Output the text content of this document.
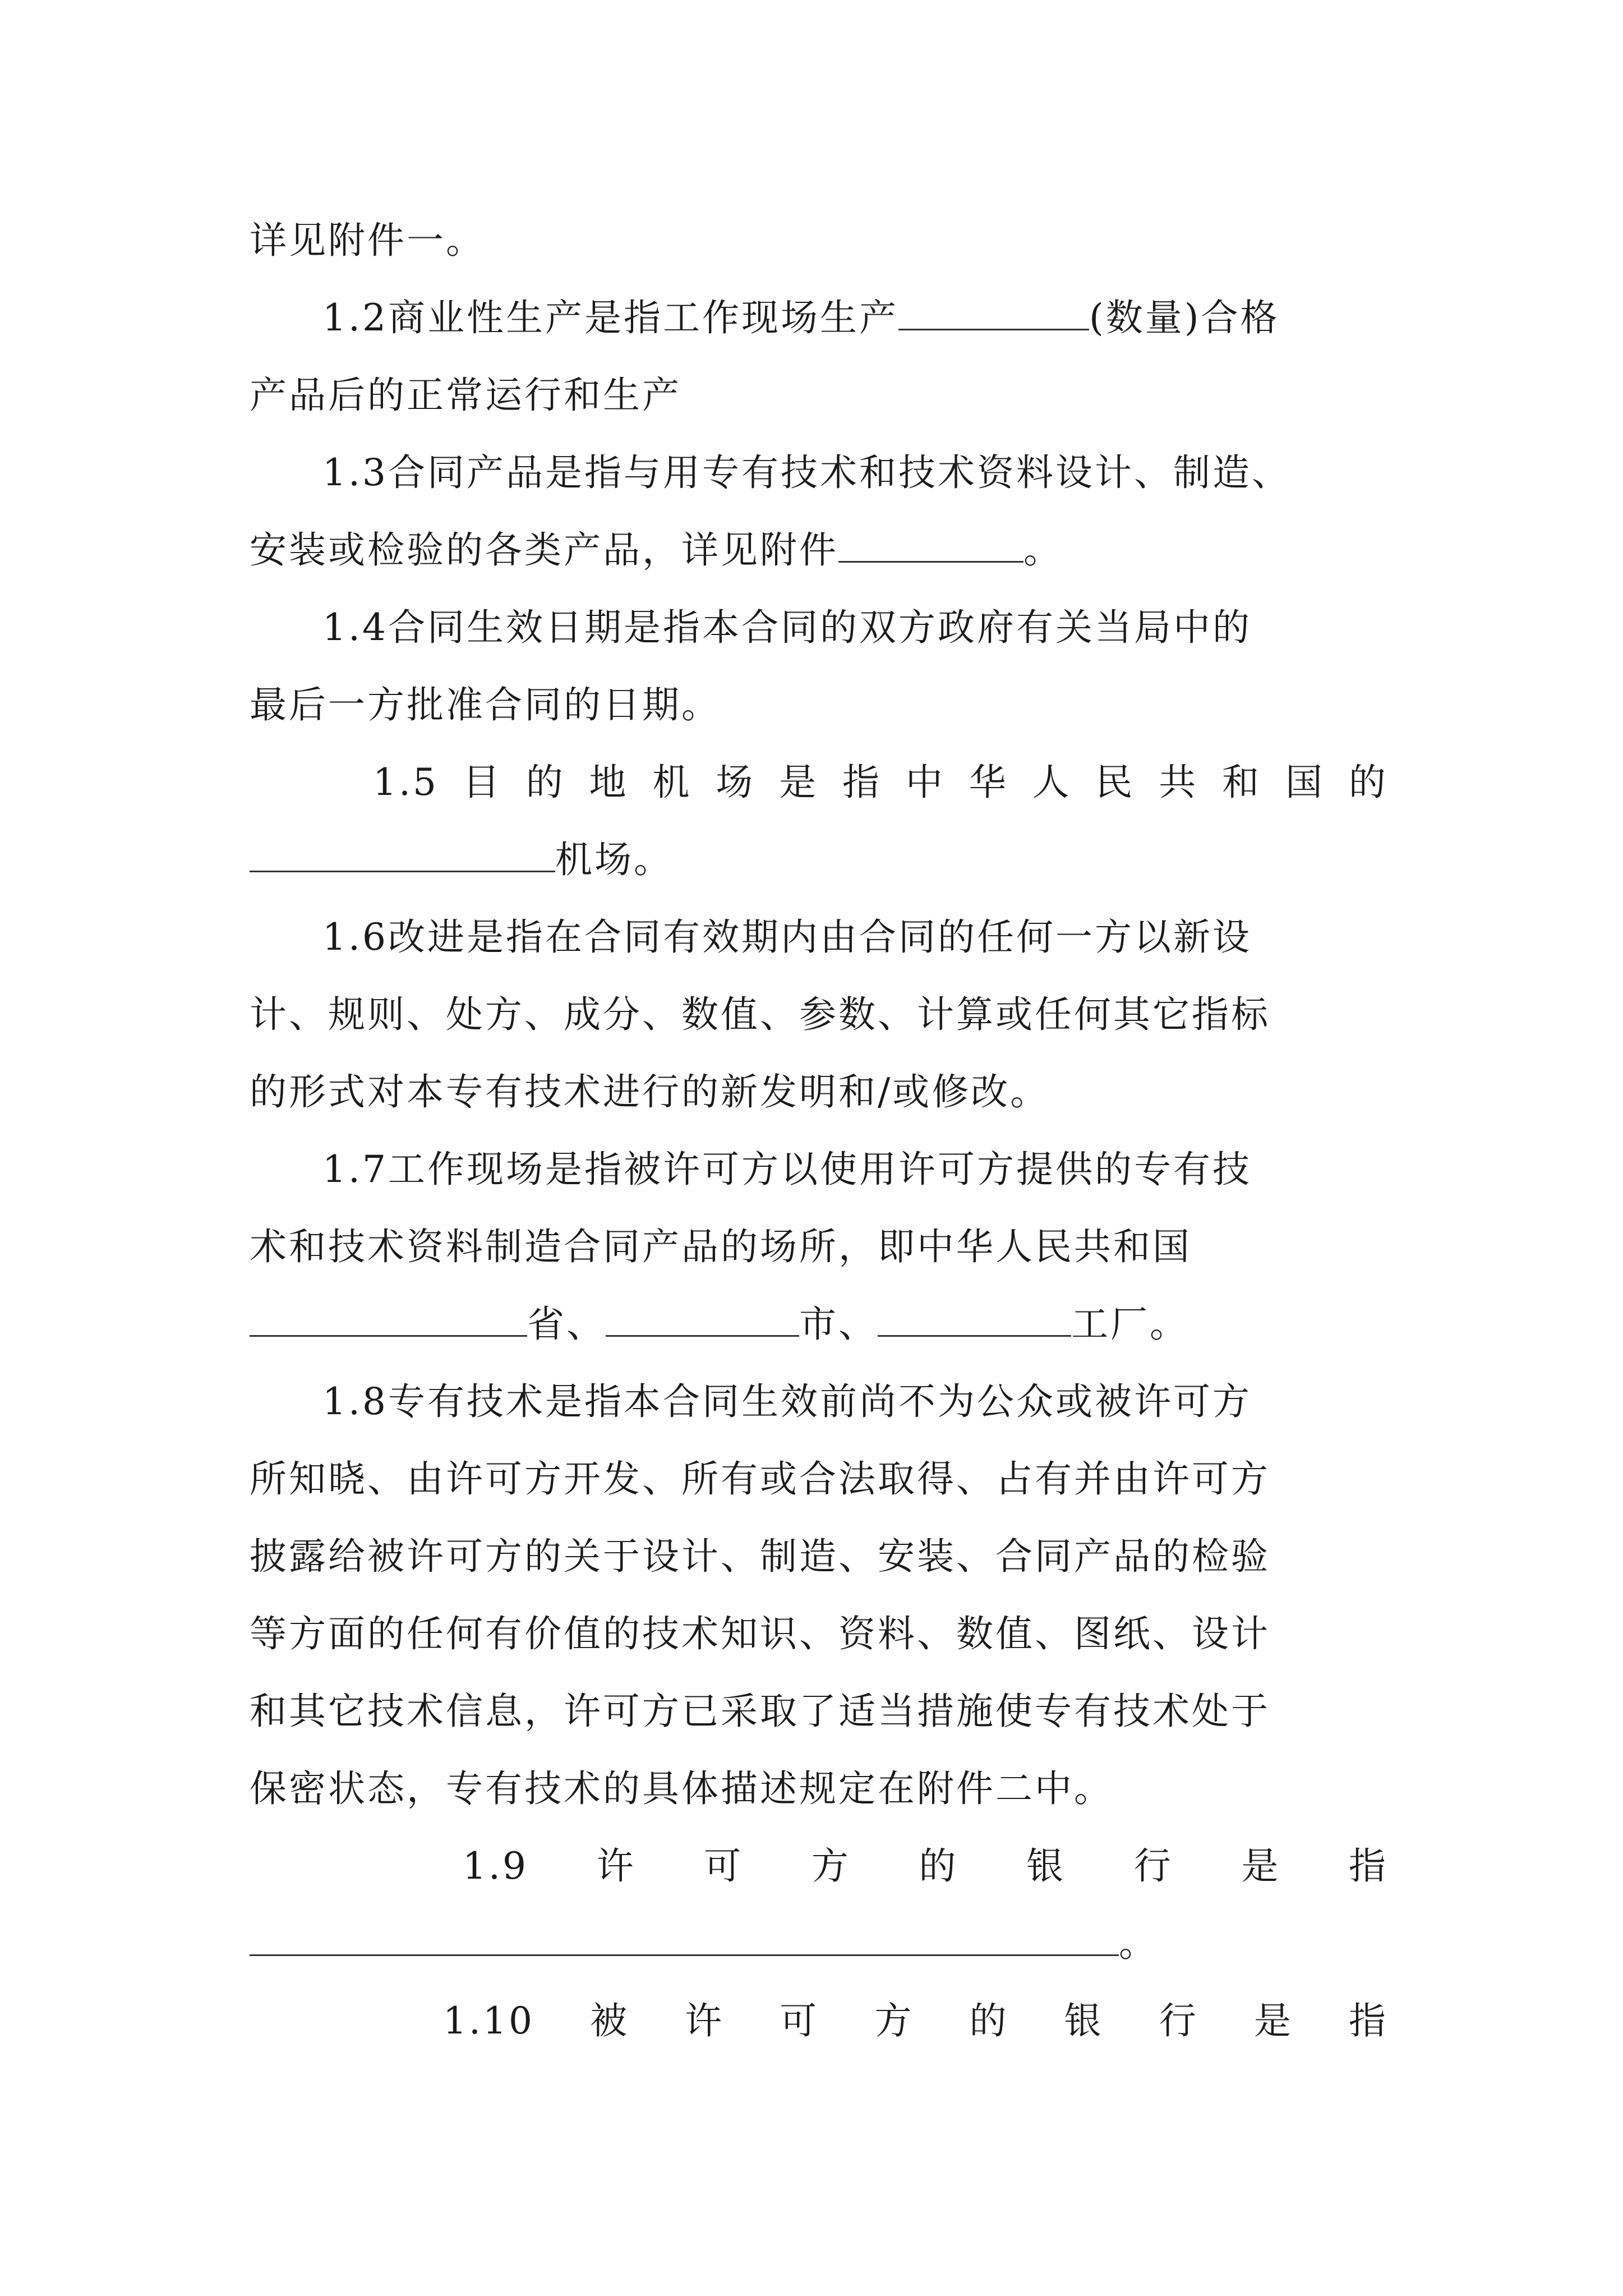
详见附件一。
1.2商业性生产是指工作现场生产	(数量)合格
产品后的正常运行和生产
1.3合同产品是指与用专有技术和技术资料设计、制造、
安装或检验的各类产品，详见附件	。
1.4合同生效日期是指本合同的双方政府有关当局中的
最后一方批准合同的日期。
1.5 目 的 地 机 场 是 指 中 华 人 民 共 和 国 的
机场。
1.6改进是指在合同有效期内由合同的任何一方以新设
计、规则、处方、成分、数值、参数、计算或任何其它指标
的形式对本专有技术进行的新发明和/或修改。
1.7工作现场是指被许可方以使用许可方提供的专有技
术和技术资料制造合同产品的场所，即中华人民共和国
省、	市、	工厂。
1.8专有技术是指本合同生效前尚不为公众或被许可方
所知晓、由许可方开发、所有或合法取得、占有并由许可方
披露给被许可方的关于设计、制造、安装、合同产品的检验
等方面的任何有价值的技术知识、资料、数值、图纸、设计
和其它技术信息，许可方已采取了适当措施使专有技术处于
保密状态，专有技术的具体描述规定在附件二中。
1.9 许 可 方 的 银 行 是 指
。
1.10 被 许 可 方 的 银 行 是 指
